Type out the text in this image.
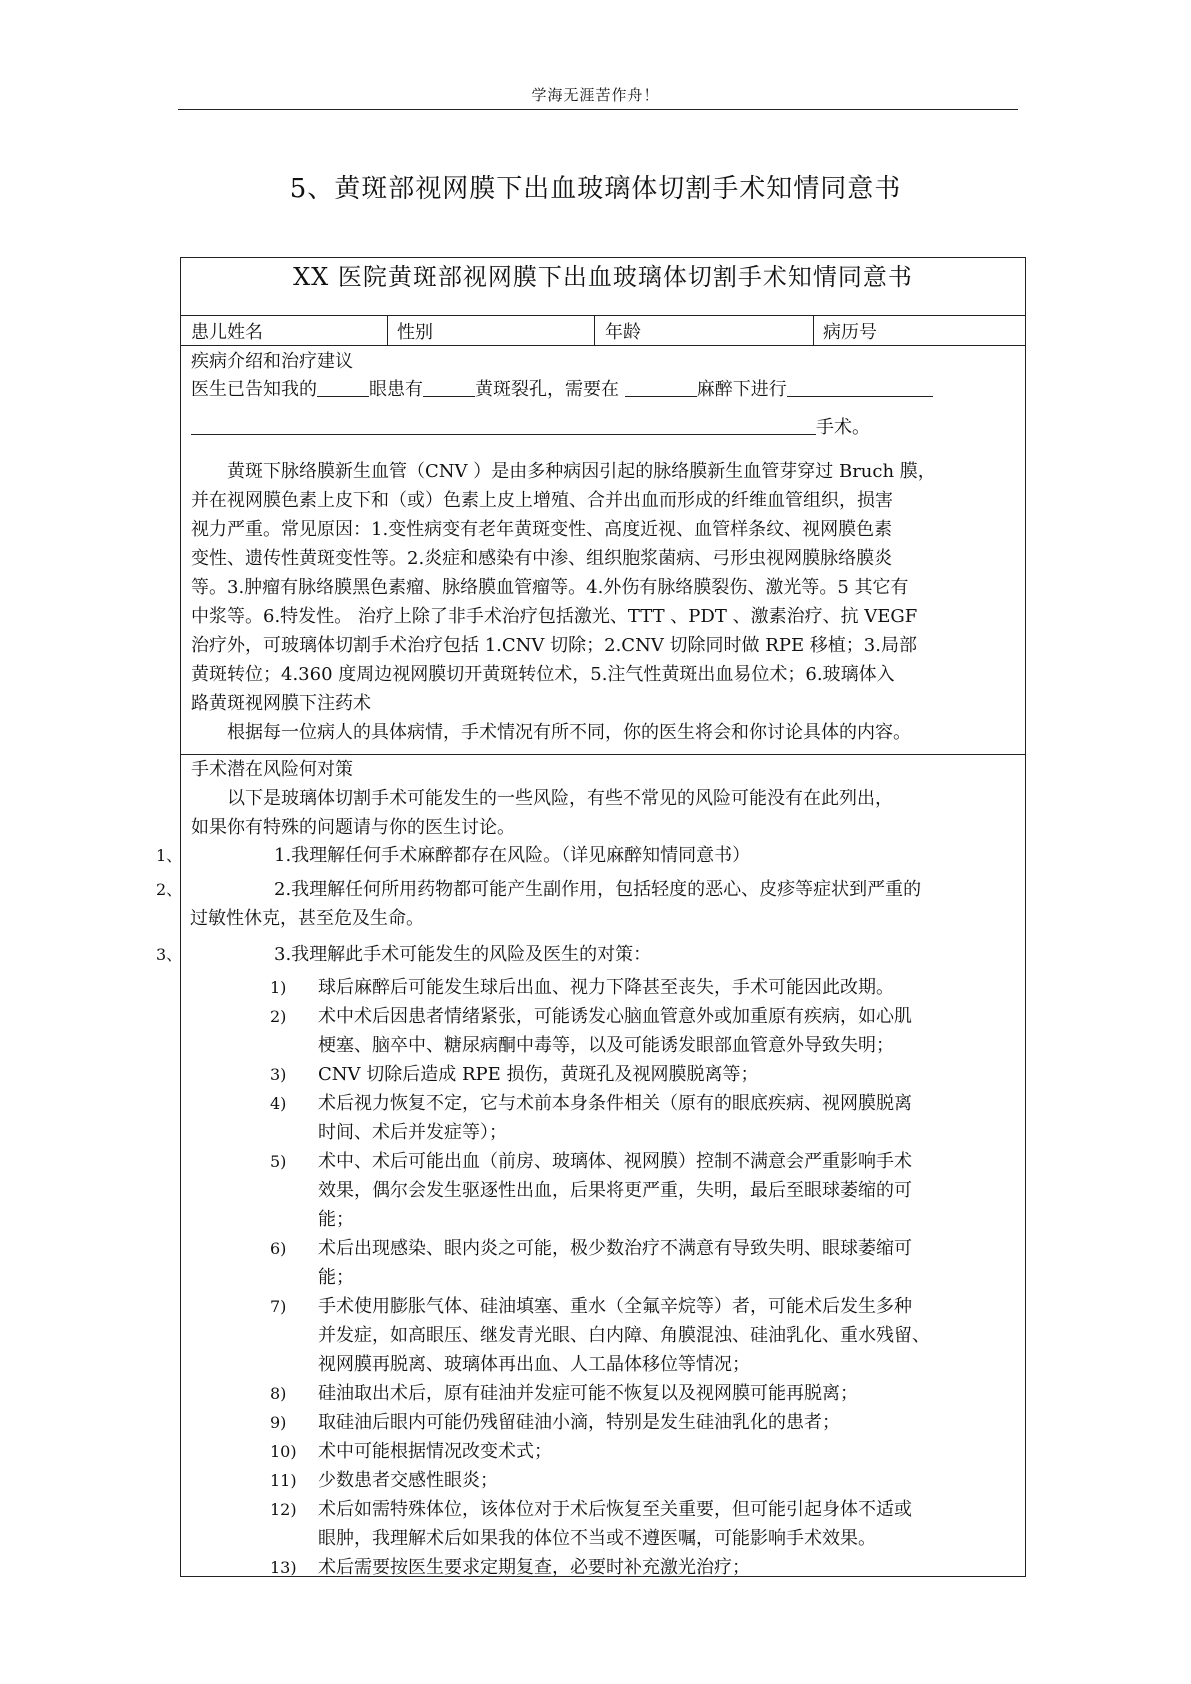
学海无涯苦作舟！
5、黄斑部视网膜下出血玻璃体切割手术知情同意书
XX 医院黄斑部视网膜下出血玻璃体切割手术知情同意书
患儿姓名	性别	年龄	病历号
疾病介绍和治疗建议
医生已告知我的	眼患有	黄斑裂孔，需要在	麻醉下进行
手术。
　　黄斑下脉络膜新生血管（CNV ）是由多种病因引起的脉络膜新生血管芽穿过 Bruch 膜，
并在视网膜色素上皮下和（或）色素上皮上增殖、合并出血而形成的纤维血管组织，损害
视力严重。常见原因：1.变性病变有老年黄斑变性、高度近视、血管样条纹、视网膜色素
变性、遗传性黄斑变性等。2.炎症和感染有中渗、组织胞浆菌病、弓形虫视网膜脉络膜炎
等。3.肿瘤有脉络膜黑色素瘤、脉络膜血管瘤等。4.外伤有脉络膜裂伤、激光等。5 其它有
中浆等。6.特发性。 治疗上除了非手术治疗包括激光、TTT 、PDT 、激素治疗、抗 VEGF
治疗外，可玻璃体切割手术治疗包括 1.CNV 切除；2.CNV 切除同时做 RPE 移植；3.局部
黄斑转位；4.360 度周边视网膜切开黄斑转位术，5.注气性黄斑出血易位术；6.玻璃体入
路黄斑视网膜下注药术
　　根据每一位病人的具体病情，手术情况有所不同，你的医生将会和你讨论具体的内容。
手术潜在风险何对策
　　以下是玻璃体切割手术可能发生的一些风险，有些不常见的风险可能没有在此列出，
如果你有特殊的问题请与你的医生讨论。
1、	1.我理解任何手术麻醉都存在风险。（详见麻醉知情同意书）
2、	2.我理解任何所用药物都可能产生副作用，包括轻度的恶心、皮疹等症状到严重的
过敏性休克，甚至危及生命。
3、	3.我理解此手术可能发生的风险及医生的对策：
1) 球后麻醉后可能发生球后出血、视力下降甚至丧失，手术可能因此改期。
2) 术中术后因患者情绪紧张，可能诱发心脑血管意外或加重原有疾病，如心肌
梗塞、脑卒中、糖尿病酮中毒等，以及可能诱发眼部血管意外导致失明；
3) CNV 切除后造成 RPE 损伤，黄斑孔及视网膜脱离等；
4) 术后视力恢复不定，它与术前本身条件相关（原有的眼底疾病、视网膜脱离
时间、术后并发症等）；
5) 术中、术后可能出血（前房、玻璃体、视网膜）控制不满意会严重影响手术
效果，偶尔会发生驱逐性出血，后果将更严重，失明，最后至眼球萎缩的可
能；
6) 术后出现感染、眼内炎之可能，极少数治疗不满意有导致失明、眼球萎缩可
能；
7) 手术使用膨胀气体、硅油填塞、重水（全氟辛烷等）者，可能术后发生多种
并发症，如高眼压、继发青光眼、白内障、角膜混浊、硅油乳化、重水残留、
视网膜再脱离、玻璃体再出血、人工晶体移位等情况；
8) 硅油取出术后，原有硅油并发症可能不恢复以及视网膜可能再脱离；
9) 取硅油后眼内可能仍残留硅油小滴，特别是发生硅油乳化的患者；
10) 术中可能根据情况改变术式；
11) 少数患者交感性眼炎；
12) 术后如需特殊体位，该体位对于术后恢复至关重要，但可能引起身体不适或
眼肿，我理解术后如果我的体位不当或不遵医嘱，可能影响手术效果。
13) 术后需要按医生要求定期复查，必要时补充激光治疗；
